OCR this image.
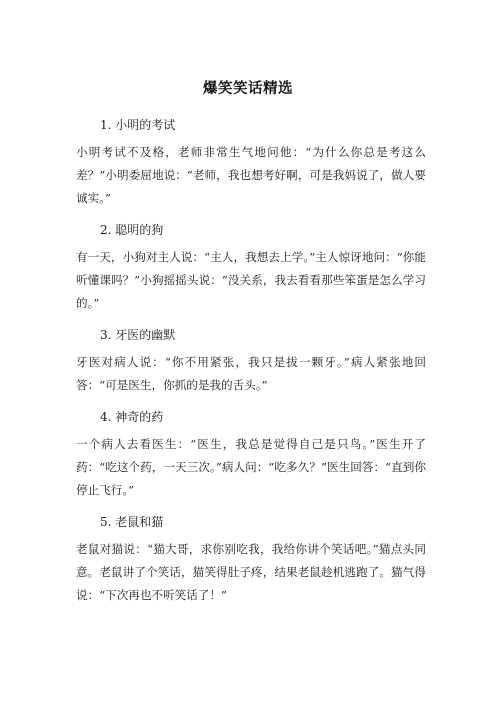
爆笑笑话精选

1. 小明的考试

小明考试不及格，老师非常生气地问他：“为什么你总是考这么差？”小明委屈地说：“老师，我也想考好啊，可是我妈说了，做人要诚实。”

2. 聪明的狗

有一天，小狗对主人说：“主人，我想去上学。”主人惊讶地问：“你能听懂课吗？”小狗摇摇头说：“没关系，我去看看那些笨蛋是怎么学习的。”

3. 牙医的幽默

牙医对病人说：“你不用紧张，我只是拔一颗牙。”病人紧张地回答：“可是医生，你抓的是我的舌头。”

4. 神奇的药

一个病人去看医生：“医生，我总是觉得自己是只鸟。”医生开了药：“吃这个药，一天三次。”病人问：“吃多久？”医生回答：“直到你停止飞行。”

5. 老鼠和猫

老鼠对猫说：“猫大哥，求你别吃我，我给你讲个笑话吧。”猫点头同意。老鼠讲了个笑话，猫笑得肚子疼，结果老鼠趁机逃跑了。猫气得说：“下次再也不听笑话了！”
